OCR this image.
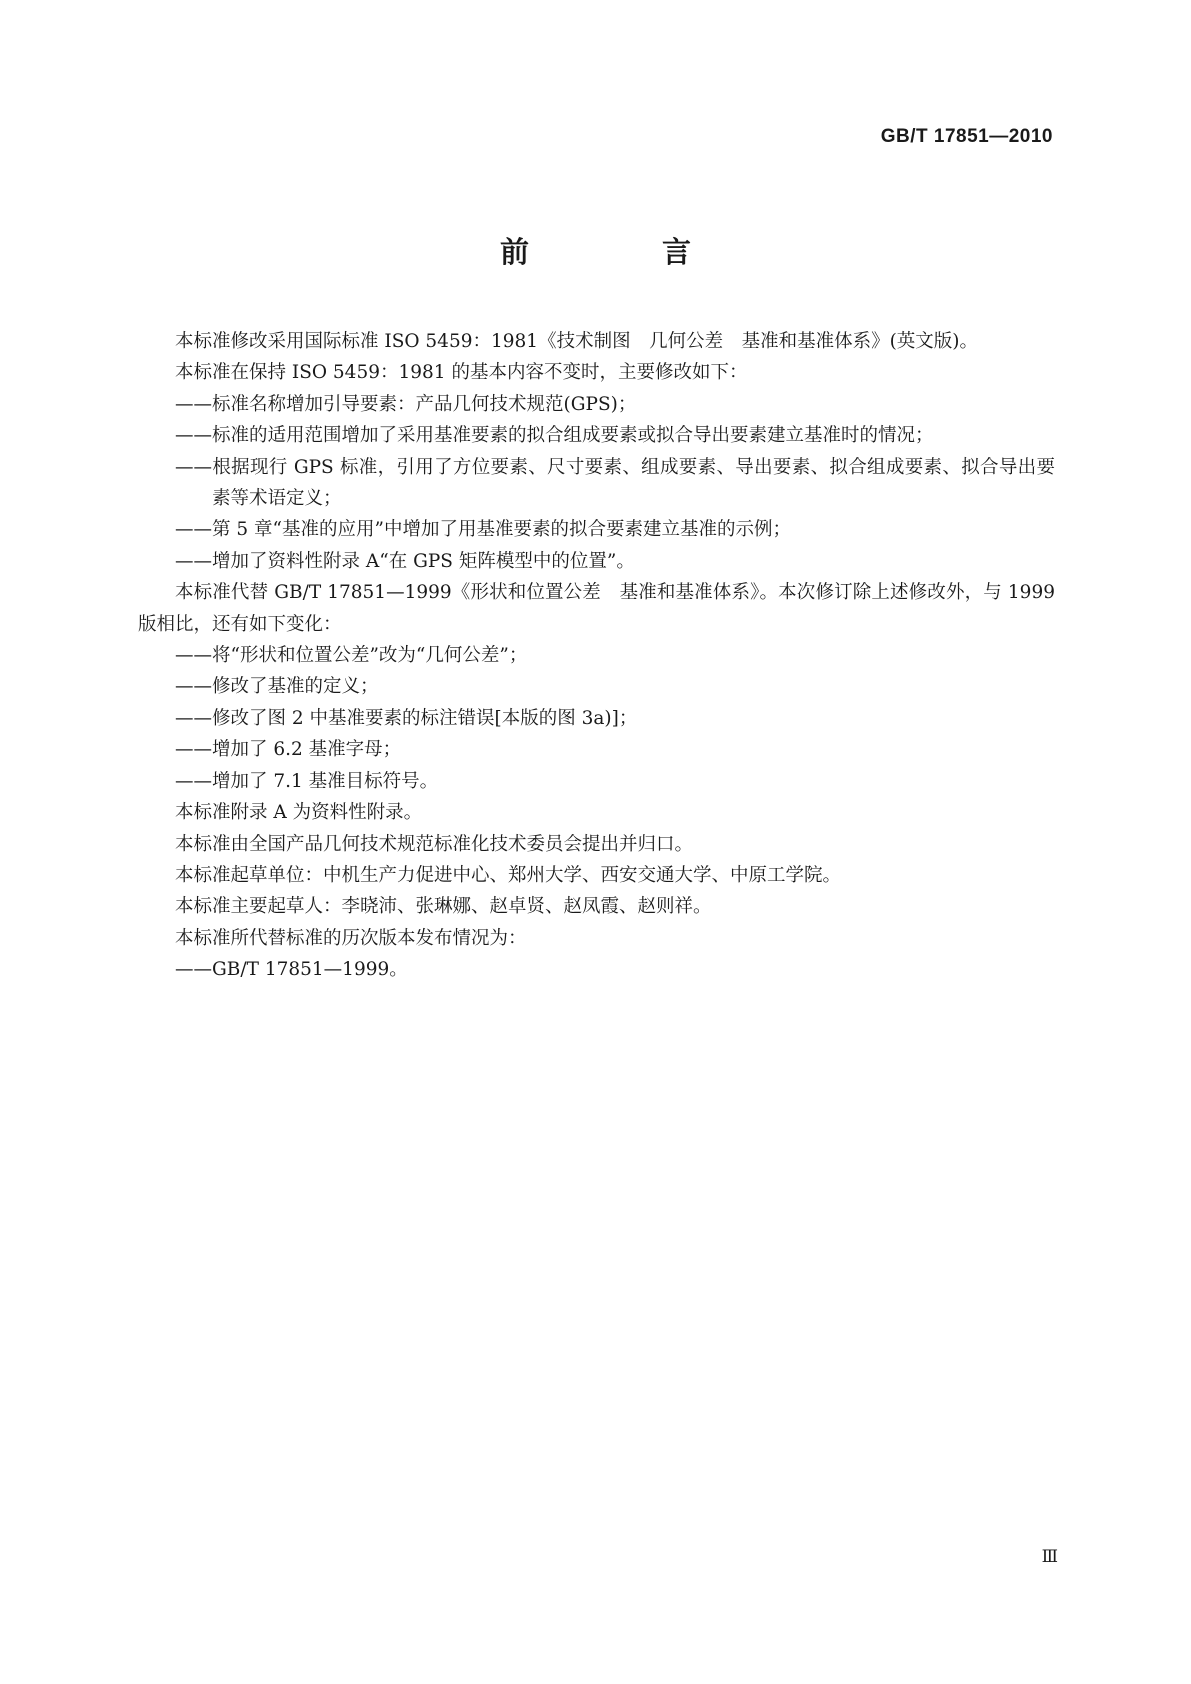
GB/T 17851—2010
前　言

本标准修改采用国际标准 ISO 5459：1981《技术制图　几何公差　基准和基准体系》(英文版)。

本标准在保持 ISO 5459：1981 的基本内容不变时，主要修改如下：

——标准名称增加引导要素：产品几何技术规范(GPS)；

——标准的适用范围增加了采用基准要素的拟合组成要素或拟合导出要素建立基准时的情况；

——根据现行 GPS 标准，引用了方位要素、尺寸要素、组成要素、导出要素、拟合组成要素、拟合导出要素等术语定义；

——第 5 章“基准的应用”中增加了用基准要素的拟合要素建立基准的示例；

——增加了资料性附录 A“在 GPS 矩阵模型中的位置”。

本标准代替 GB/T 17851—1999《形状和位置公差　基准和基准体系》。本次修订除上述修改外，与 1999 版相比，还有如下变化：

——将“形状和位置公差”改为“几何公差”；

——修改了基准的定义；

——修改了图 2 中基准要素的标注错误[本版的图 3a)]；

——增加了 6.2 基准字母；

——增加了 7.1 基准目标符号。

本标准附录 A 为资料性附录。

本标准由全国产品几何技术规范标准化技术委员会提出并归口。

本标准起草单位：中机生产力促进中心、郑州大学、西安交通大学、中原工学院。

本标准主要起草人：李晓沛、张琳娜、赵卓贤、赵凤霞、赵则祥。

本标准所代替标准的历次版本发布情况为：

——GB/T 17851—1999。

Ⅲ
